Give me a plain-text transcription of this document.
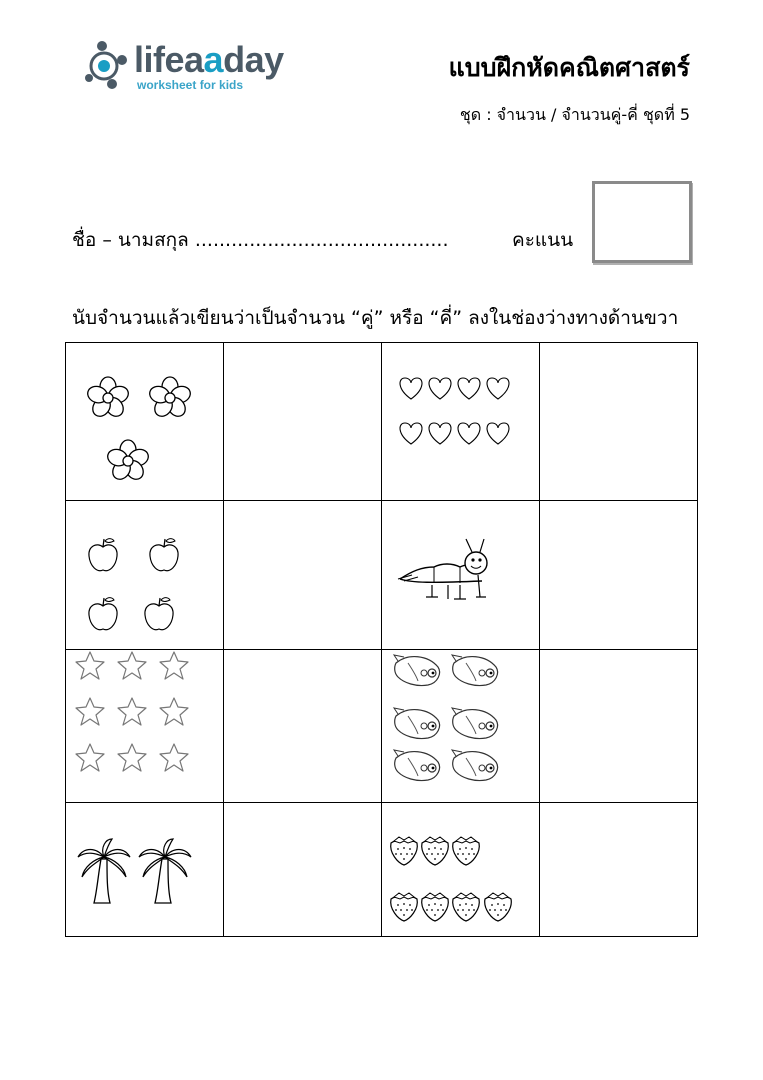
lifeaaday
worksheet for kids
แบบฝึกหัดคณิตศาสตร์
ชุด : จำนวน / จำนวนคู่-คี่ ชุดที่ 5
ชื่อ – นามสกุล ..........................................	คะแนน
นับจำนวนแล้วเขียนว่าเป็นจำนวน “คู่” หรือ “คี่” ลงในช่องว่างทางด้านขวา
